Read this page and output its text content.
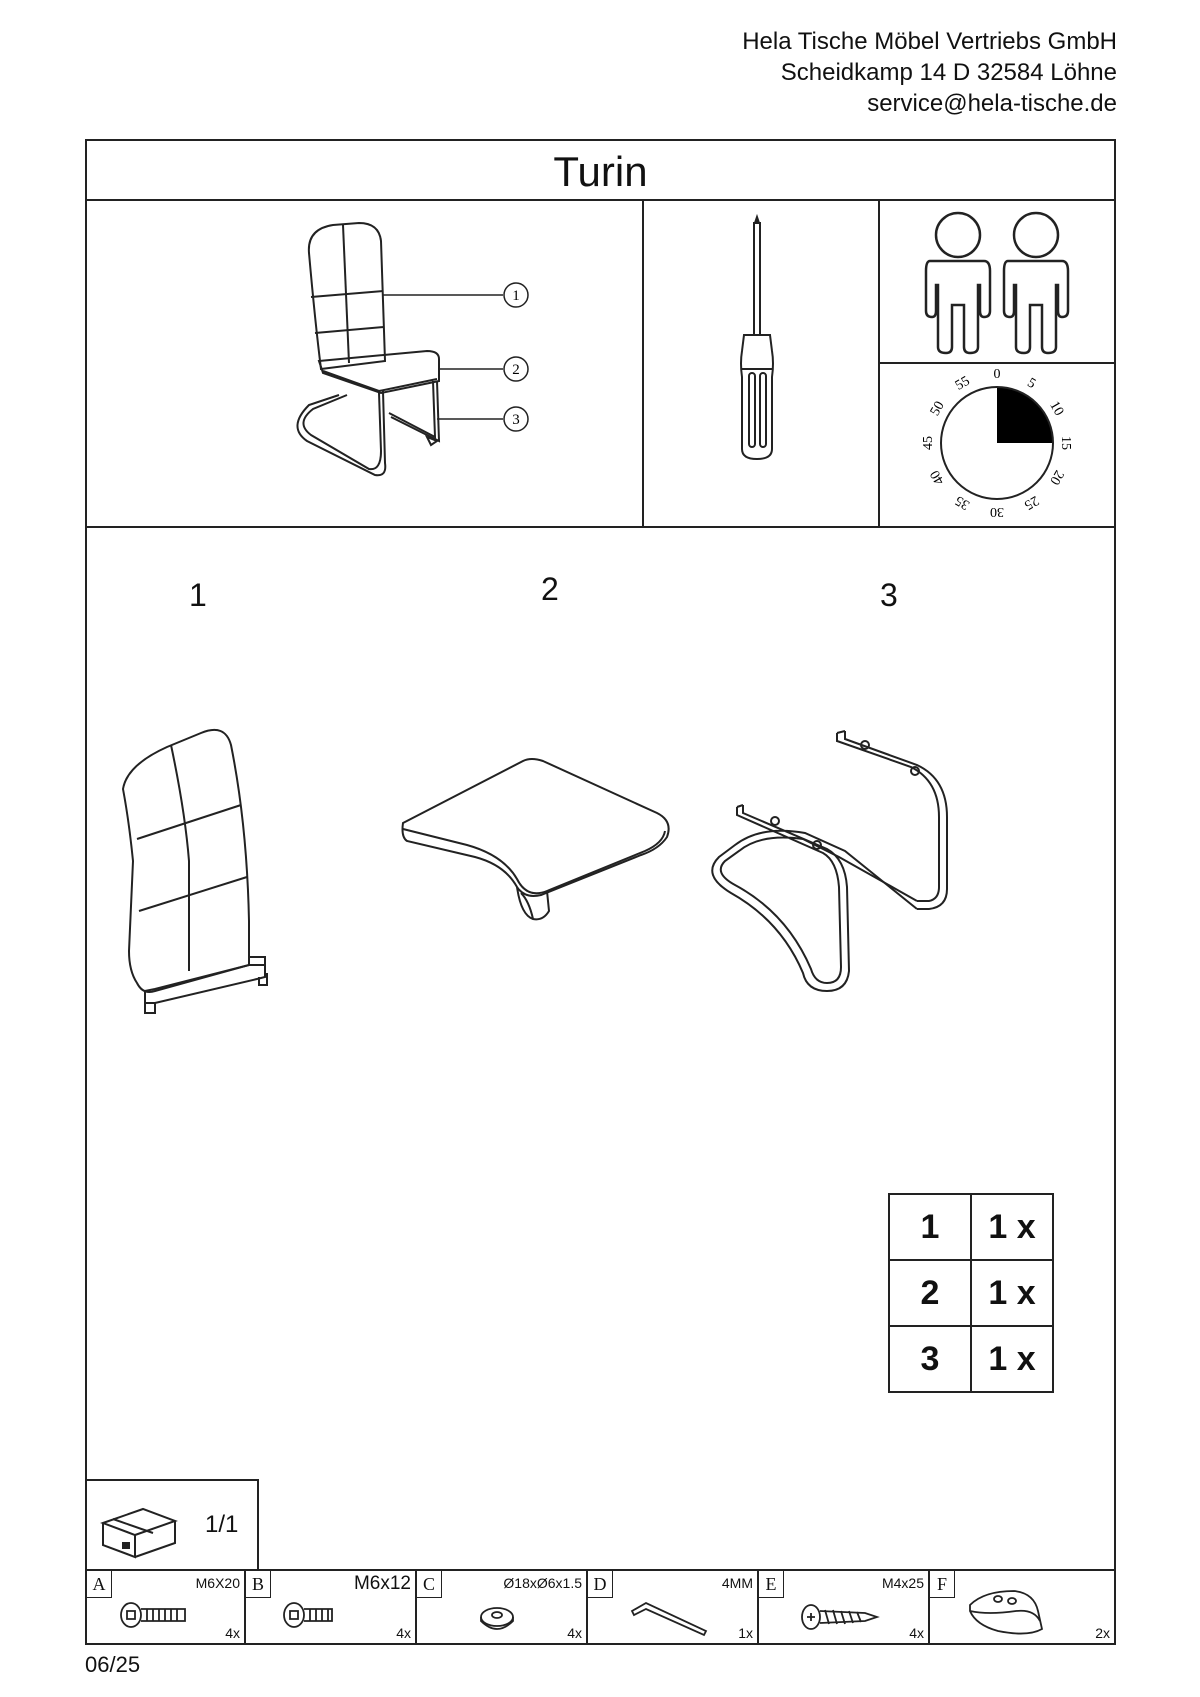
Hela Tische Möbel Vertriebs GmbH
Scheidkamp 14 D 32584 Löhne
service@hela-tische.de
Turin
1
2
3
0
5
10
15
20
25
30
35
40
45
50
55
1	2	3
1	1 x
2	1 x
3	1 x
1/1
A	M6X20
4x
B	M6x12
4x
C	Ø18xØ6x1.5
4x
D	4MM
1x
E	M4x25
4x
F
2x
06/25
